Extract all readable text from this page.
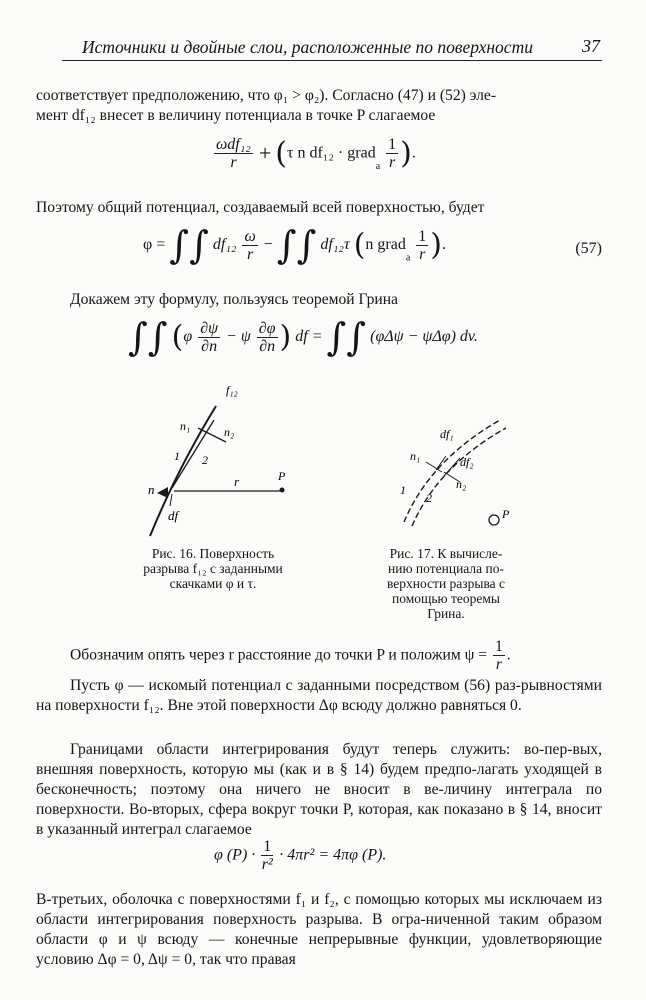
Источники и двойные слои, расположенные по поверхности	37

соответствует предположению, что φ₁ > φ₂). Согласно (47) и (52) эле-

мент df₁₂ внесет в величину потенциала в точке P слагаемое

$\frac{\text{ωdf₁₂}}{r} + (\tau$ n df₁₂ · grad$_a$ $\frac{1}{r}$ ).

Поэтому общий потенциал, создаваемый всей поверхностью, будет

φ = ∫∫ $df_{12} \frac{\omega}{r}$ − ∫∫ df₁₂τ (n grad$_a$ $\frac{1}{r}$ ).	(57)

Докажем эту формулу, пользуясь теоремой Грина

∫∫ ($\varphi \frac{\partial\psi}{\partial n} - \psi \frac{\partial\varphi}{\partial n}$ ) df = ∫∫ (φΔψ − ψΔφ) dv.
f₁₂
n₁	n₂
1 2
r	P
n
df
Рис. 16. Поверхность
разрыва f₁₂ с заданными
скачками φ и τ.
df₁
n₁	df₂
n₂
1
2
P
Рис. 17. К вычисле-
нию потенциала по-
верхности разрыва с
помощью теоремы
Грина.
Обозначим опять через r расстояние до точки P и положим $\psi = \frac{1}{r}$ .

Пусть φ — искомый потенциал с заданными посредством (56) раз-рывностями на поверхности f₁₂. Вне этой поверхности Δφ всюду должно равняться 0.

Границами области интегрирования будут теперь служить: во-пер-вых, внешняя поверхность, которую мы (как и в § 14) будем предпо-лагать уходящей в бесконечность; поэтому она ничего не вносит в ве-личину интеграла по поверхности. Во-вторых, сфера вокруг точки P, которая, как показано в § 14, вносит в указанный интеграл слагаемое

φ $(P) \cdot \frac{1}{\text{r²}} \cdot 4\pi r^2 = 4\pi\varphi$ (P).

В-третьих, оболочка с поверхностями f₁ и f₂, с помощью которых мы исключаем из области интегрирования поверхность разрыва. В огра-ниченной таким образом области φ и ψ всюду — конечные непрерывные функции, удовлетворяющие условию Δφ = 0, Δψ = 0, так что правая
